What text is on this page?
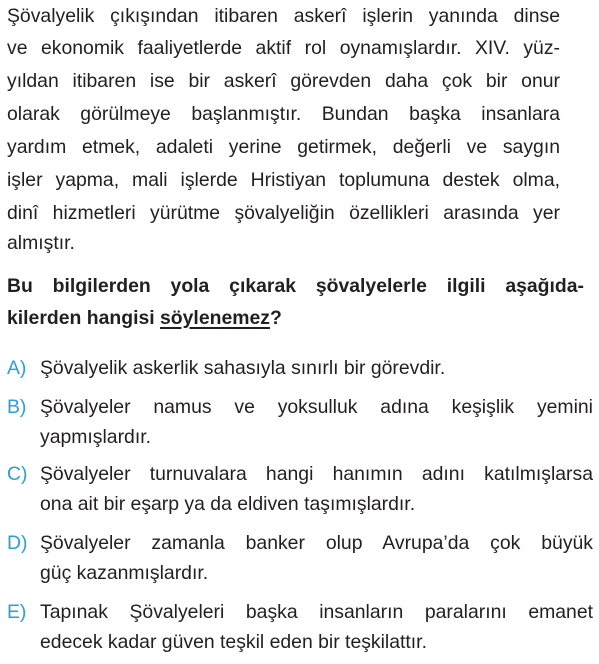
Şövalyelik çıkışından itibaren askerî işlerin yanında dinse
ve ekonomik faaliyetlerde aktif rol oynamışlardır. XIV. yüz-
yıldan itibaren ise bir askerî görevden daha çok bir onur
olarak görülmeye başlanmıştır. Bundan başka insanlara
yardım etmek, adaleti yerine getirmek, değerli ve saygın
işler yapma, mali işlerde Hristiyan toplumuna destek olma,
dinî hizmetleri yürütme şövalyeliğin özellikleri arasında yer
almıştır.
Bu bilgilerden yola çıkarak şövalyelerle ilgili aşağıda-
kilerden hangisi söylenemez?
A) Şövalyelik askerlik sahasıyla sınırlı bir görevdir.
B) Şövalyeler namus ve yoksulluk adına keşişlik yemini
yapmışlardır.
C) Şövalyeler turnuvalara hangi hanımın adını katılmışlarsa
ona ait bir eşarp ya da eldiven taşımışlardır.
D) Şövalyeler zamanla banker olup Avrupa’da çok büyük
güç kazanmışlardır.
E) Tapınak Şövalyeleri başka insanların paralarını emanet
edecek kadar güven teşkil eden bir teşkilattır.
